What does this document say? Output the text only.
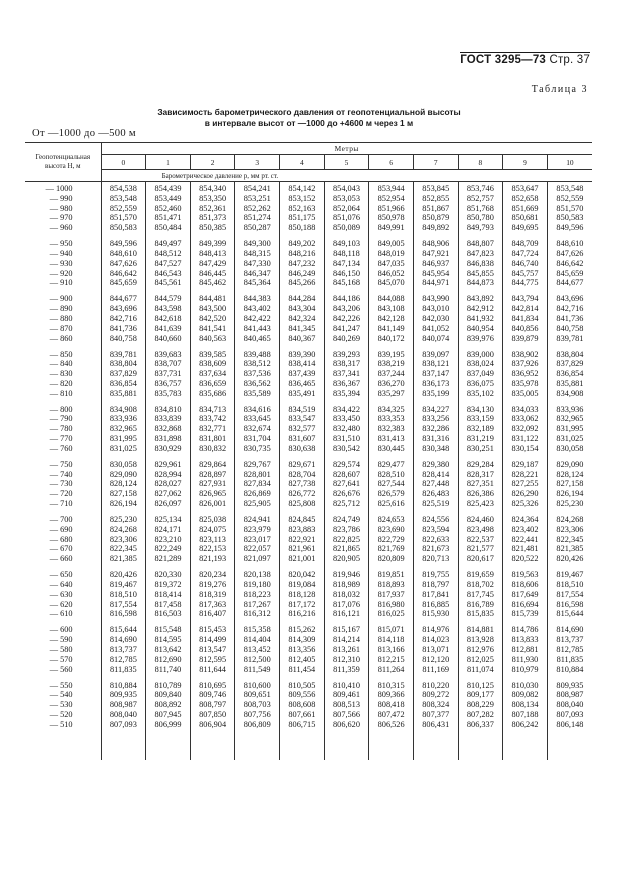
ГОСТ 3295—73 Стр. 37
Таблица 3
Зависимость барометрического давления от геопотенциальной высоты
в интервале высот от —1000 до +4600 м через 1 м
От —1000 до —500 м
Геопотенциальная высота H, м	Метры										
	0	1	2	3	4	5	6	7	8	9	10
	Барометрическое давление p, мм рт. ст.										

— 1000	854,538	854,439	854,340	854,241	854,142	854,043	853,944	853,845	853,746	853,647	853,548
— 990	853,548	853,449	853,350	853,251	853,152	853,053	852,954	852,855	852,757	852,658	852,559
— 980	852,559	852,460	852,361	852,262	852,163	852,064	851,966	851,867	851,768	851,669	851,570
— 970	851,570	851,471	851,373	851,274	851,175	851,076	850,978	850,879	850,780	850,681	850,583
— 960	850,583	850,484	850,385	850,287	850,188	850,089	849,991	849,892	849,793	849,695	849,596

— 950	849,596	849,497	849,399	849,300	849,202	849,103	849,005	848,906	848,807	848,709	848,610
— 940	848,610	848,512	848,413	848,315	848,216	848,118	848,019	847,921	847,823	847,724	847,626
— 930	847,626	847,527	847,429	847,330	847,232	847,134	847,035	846,937	846,838	846,740	846,642
— 920	846,642	846,543	846,445	846,347	846,249	846,150	846,052	845,954	845,855	845,757	845,659
— 910	845,659	845,561	845,462	845,364	845,266	845,168	845,070	844,971	844,873	844,775	844,677

— 900	844,677	844,579	844,481	844,383	844,284	844,186	844,088	843,990	843,892	843,794	843,696
— 890	843,696	843,598	843,500	843,402	843,304	843,206	843,108	843,010	842,912	842,814	842,716
— 880	842,716	842,618	842,520	842,422	842,324	842,226	842,128	842,030	841,932	841,834	841,736
— 870	841,736	841,639	841,541	841,443	841,345	841,247	841,149	841,052	840,954	840,856	840,758
— 860	840,758	840,660	840,563	840,465	840,367	840,269	840,172	840,074	839,976	839,879	839,781

— 850	839,781	839,683	839,585	839,488	839,390	839,293	839,195	839,097	839,000	838,902	838,804
— 840	838,804	838,707	838,609	838,512	838,414	838,317	838,219	838,121	838,024	837,926	837,829
— 830	837,829	837,731	837,634	837,536	837,439	837,341	837,244	837,147	837,049	836,952	836,854
— 820	836,854	836,757	836,659	836,562	836,465	836,367	836,270	836,173	836,075	835,978	835,881
— 810	835,881	835,783	835,686	835,589	835,491	835,394	835,297	835,199	835,102	835,005	834,908

— 800	834,908	834,810	834,713	834,616	834,519	834,422	834,325	834,227	834,130	834,033	833,936
— 790	833,936	833,839	833,742	833,645	833,547	833,450	833,353	833,256	833,159	833,062	832,965
— 780	832,965	832,868	832,771	832,674	832,577	832,480	832,383	832,286	832,189	832,092	831,995
— 770	831,995	831,898	831,801	831,704	831,607	831,510	831,413	831,316	831,219	831,122	831,025
— 760	831,025	830,929	830,832	830,735	830,638	830,542	830,445	830,348	830,251	830,154	830,058

— 750	830,058	829,961	829,864	829,767	829,671	829,574	829,477	829,380	829,284	829,187	829,090
— 740	829,090	828,994	828,897	828,801	828,704	828,607	828,510	828,414	828,317	828,221	828,124
— 730	828,124	828,027	827,931	827,834	827,738	827,641	827,544	827,448	827,351	827,255	827,158
— 720	827,158	827,062	826,965	826,869	826,772	826,676	826,579	826,483	826,386	826,290	826,194
— 710	826,194	826,097	826,001	825,905	825,808	825,712	825,616	825,519	825,423	825,326	825,230

— 700	825,230	825,134	825,038	824,941	824,845	824,749	824,653	824,556	824,460	824,364	824,268
— 690	824,268	824,171	824,075	823,979	823,883	823,786	823,690	823,594	823,498	823,402	823,306
— 680	823,306	823,210	823,113	823,017	822,921	822,825	822,729	822,633	822,537	822,441	822,345
— 670	822,345	822,249	822,153	822,057	821,961	821,865	821,769	821,673	821,577	821,481	821,385
— 660	821,385	821,289	821,193	821,097	821,001	820,905	820,809	820,713	820,617	820,522	820,426

— 650	820,426	820,330	820,234	820,138	820,042	819,946	819,851	819,755	819,659	819,563	819,467
— 640	819,467	819,372	819,276	819,180	819,084	818,989	818,893	818,797	818,702	818,606	818,510
— 630	818,510	818,414	818,319	818,223	818,128	818,032	817,937	817,841	817,745	817,649	817,554
— 620	817,554	817,458	817,363	817,267	817,172	817,076	816,980	816,885	816,789	816,694	816,598
— 610	816,598	816,503	816,407	816,312	816,216	816,121	816,025	815,930	815,835	815,739	815,644

— 600	815,644	815,548	815,453	815,358	815,262	815,167	815,071	814,976	814,881	814,786	814,690
— 590	814,690	814,595	814,499	814,404	814,309	814,214	814,118	814,023	813,928	813,833	813,737
— 580	813,737	813,642	813,547	813,452	813,356	813,261	813,166	813,071	812,976	812,881	812,785
— 570	812,785	812,690	812,595	812,500	812,405	812,310	812,215	812,120	812,025	811,930	811,835
— 560	811,835	811,740	811,644	811,549	811,454	811,359	811,264	811,169	811,074	810,979	810,884

— 550	810,884	810,789	810,695	810,600	810,505	810,410	810,315	810,220	810,125	810,030	809,935
— 540	809,935	809,840	809,746	809,651	809,556	809,461	809,366	809,272	809,177	809,082	808,987
— 530	808,987	808,892	808,797	808,703	808,608	808,513	808,418	808,324	808,229	808,134	808,040
— 520	808,040	807,945	807,850	807,756	807,661	807,566	807,472	807,377	807,282	807,188	807,093
— 510	807,093	806,999	806,904	806,809	806,715	806,620	806,526	806,431	806,337	806,242	806,148
